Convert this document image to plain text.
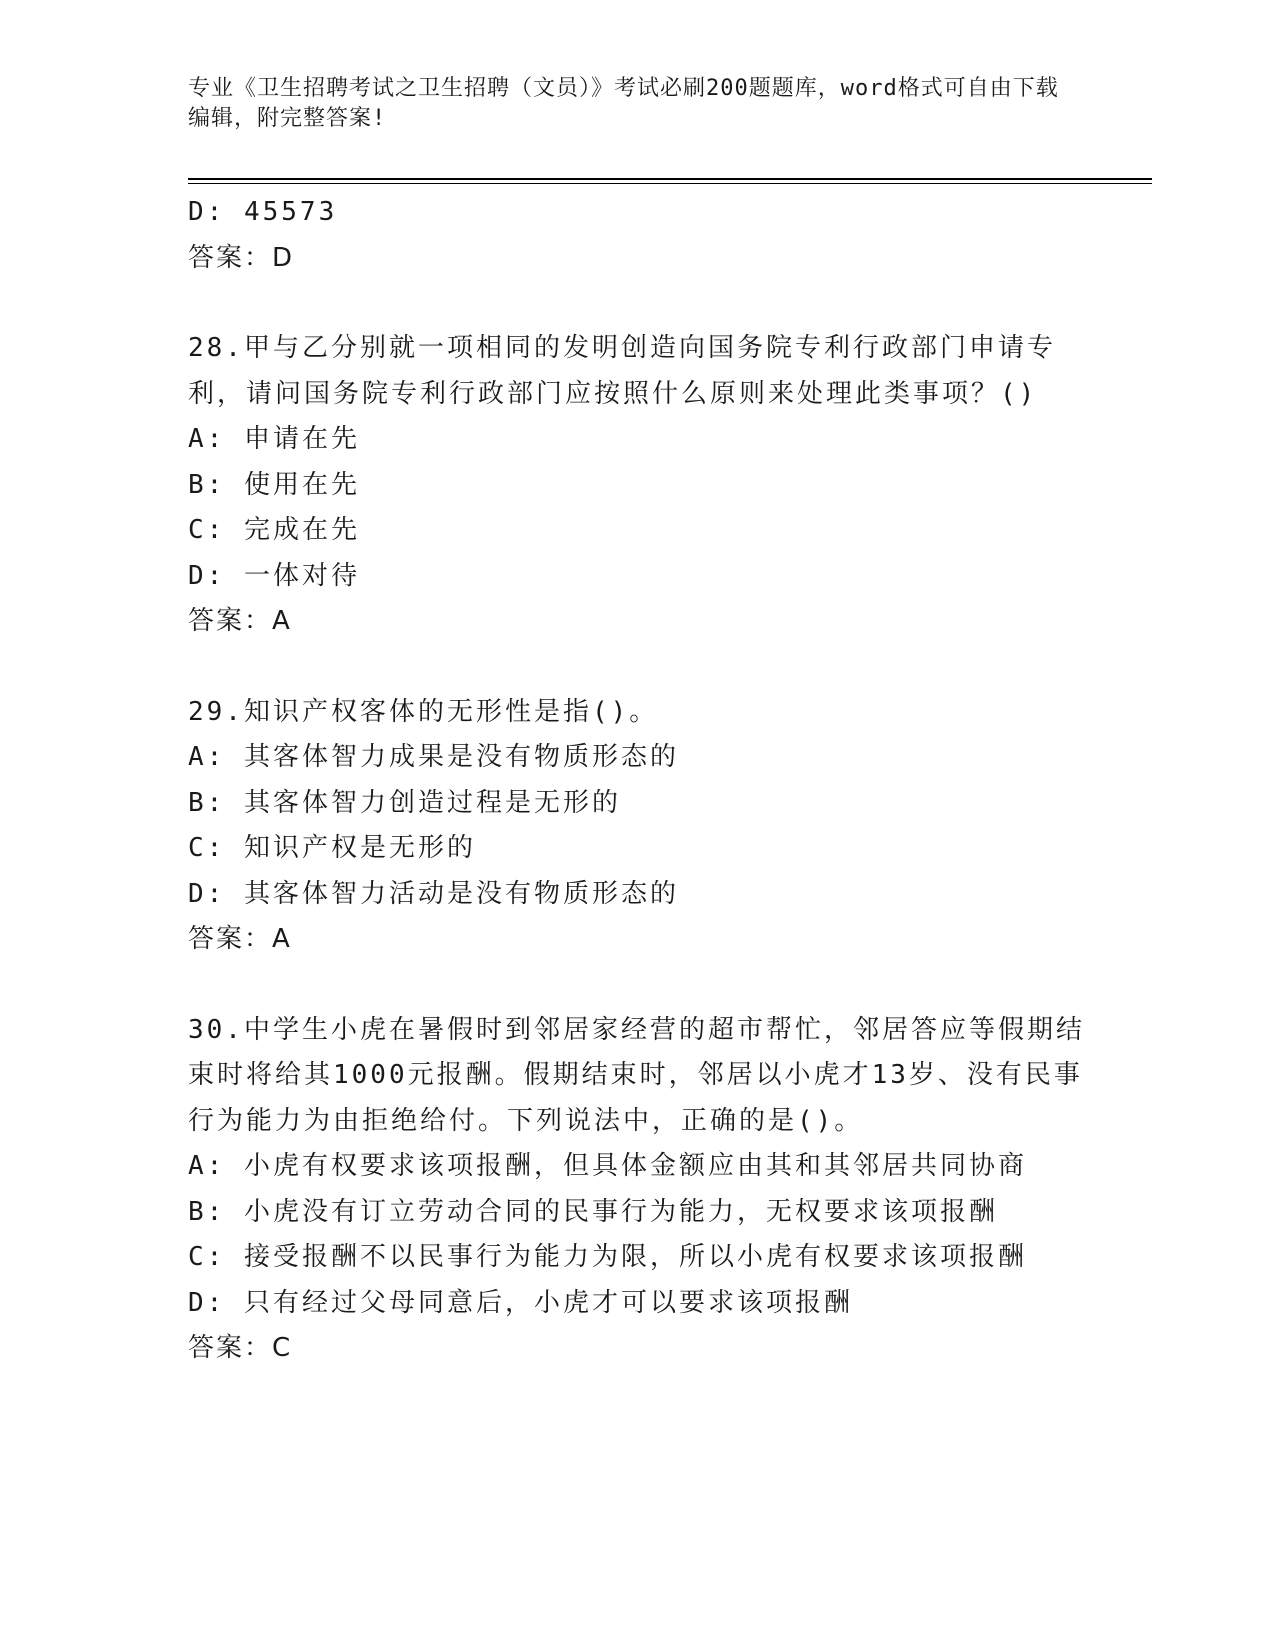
专业《卫生招聘考试之卫生招聘（文员）》考试必刷200题题库，word格式可自由下载编辑，附完整答案!
D: 45573
答案：D
28.甲与乙分别就一项相同的发明创造向国务院专利行政部门申请专利，请问国务院专利行政部门应按照什么原则来处理此类事项？()
A: 申请在先
B: 使用在先
C: 完成在先
D: 一体对待
答案：A
29.知识产权客体的无形性是指()。
A: 其客体智力成果是没有物质形态的
B: 其客体智力创造过程是无形的
C: 知识产权是无形的
D: 其客体智力活动是没有物质形态的
答案：A
30.中学生小虎在暑假时到邻居家经营的超市帮忙，邻居答应等假期结束时将给其1000元报酬。假期结束时，邻居以小虎才13岁、没有民事行为能力为由拒绝给付。下列说法中，正确的是()。
A: 小虎有权要求该项报酬，但具体金额应由其和其邻居共同协商
B: 小虎没有订立劳动合同的民事行为能力，无权要求该项报酬
C: 接受报酬不以民事行为能力为限，所以小虎有权要求该项报酬
D: 只有经过父母同意后，小虎才可以要求该项报酬
答案：C
